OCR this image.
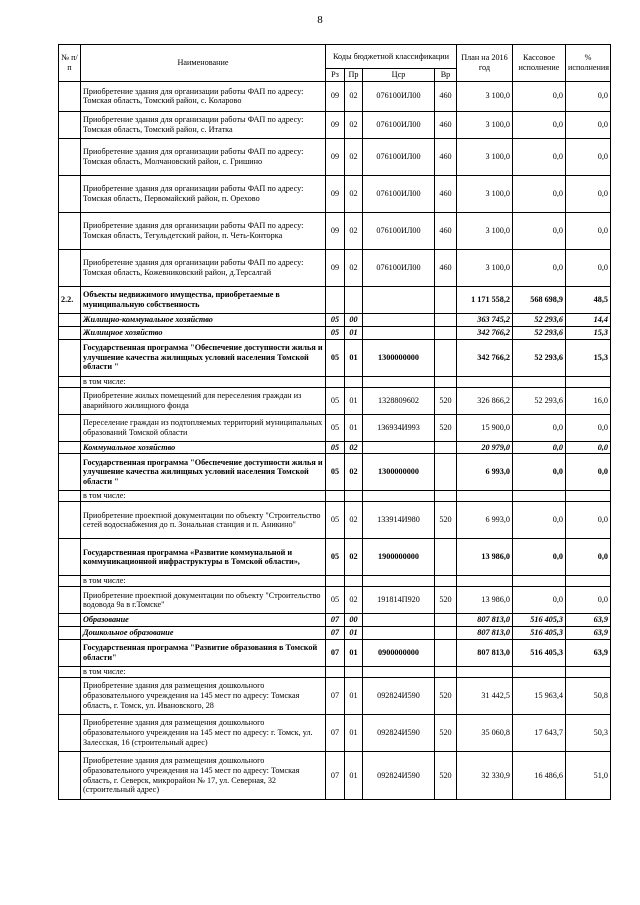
8
№ п/п	Наименование	Коды бюджетной классификации				План на 2016 год	Кассовое исполнение	% исполнения
		Рз	Пр	Цср	Вр			
	Приобретение здания для организации работы ФАП по адресу: Томская область, Томский район, с. Коларово	09	02	076100ИЛ00	460	3 100,0	0,0	0,0
	Приобретение здания для организации работы ФАП по адресу: Томская область, Томский район, с. Итатка	09	02	076100ИЛ00	460	3 100,0	0,0	0,0
	Приобретение здания для организации работы ФАП по адресу: Томская область, Молчановский район, с. Гришино	09	02	076100ИЛ00	460	3 100,0	0,0	0,0
	Приобретение здания для организации работы ФАП по адресу: Томская область, Первомайский район, п. Орехово	09	02	076100ИЛ00	460	3 100,0	0,0	0,0
	Приобретение здания для организации работы ФАП по адресу: Томская область, Тегульдетский район, п. Четь-Конторка	09	02	076100ИЛ00	460	3 100,0	0,0	0,0
	Приобретение здания для организации работы ФАП по адресу: Томская область, Кожевниковский район, д.Терсалгай	09	02	076100ИЛ00	460	3 100,0	0,0	0,0
2.2.	Объекты недвижимого имущества, приобретаемые в муниципальную собственность					1 171 558,2	568 698,9	48,5
	Жилищно-коммунальное хозяйство	05	00			363 745,2	52 293,6	14,4
	Жилищное хозяйство	05	01			342 766,2	52 293,6	15,3
	Государственная программа "Обеспечение доступности жилья и улучшение качества жилищных условий населения Томской области "	05	01	1300000000		342 766,2	52 293,6	15,3
	в том числе:							
	Приобретение жилых помещений для переселения граждан из аварийного жилищного фонда	05	01	1328809602	520	326 866,2	52 293,6	16,0
	Переселение граждан из подтопляемых территорий муниципальных образований Томской области	05	01	136934И993	520	15 900,0	0,0	0,0
	Коммунальное хозяйство	05	02			20 979,0	0,0	0,0
	Государственная программа "Обеспечение доступности жилья и улучшение качества жилищных условий населения Томской области "	05	02	1300000000		6 993,0	0,0	0,0
	в том числе:							
	Приобретение проектной документации по объекту "Строительство сетей водоснабжения до п. Зональная станция и п. Аникино"	05	02	133914И980	520	6 993,0	0,0	0,0
	Государственная программа «Развитие коммунальной и коммуникационной инфраструктуры в Томской области»,	05	02	1900000000		13 986,0	0,0	0,0
	в том числе:							
	Приобретение проектной документации по объекту "Строительство водовода 9а в г.Томске"	05	02	191814П920	520	13 986,0	0,0	0,0
	Образование	07	00			807 813,0	516 405,3	63,9
	Дошкольное образование	07	01			807 813,0	516 405,3	63,9
	Государственная программа "Развитие образования в Томской области"	07	01	0900000000		807 813,0	516 405,3	63,9
	в том числе:							
	Приобретение здания для размещения дошкольного образовательного учреждения на 145 мест по адресу: Томская область, г. Томск, ул. Ивановского, 28	07	01	092824И590	520	31 442,5	15 963,4	50,8
	Приобретение здания для размещения дошкольного образовательного учреждения на 145 мест по адресу: г. Томск, ул. Залесская, 16 (строительный адрес)	07	01	092824И590	520	35 060,8	17 643,7	50,3
	Приобретение здания для размещения дошкольного образовательного учреждения на 145 мест по адресу: Томская область, г. Северск, микрорайон № 17, ул. Северная, 32 (строительный адрес)	07	01	092824И590	520	32 330,9	16 486,6	51,0
